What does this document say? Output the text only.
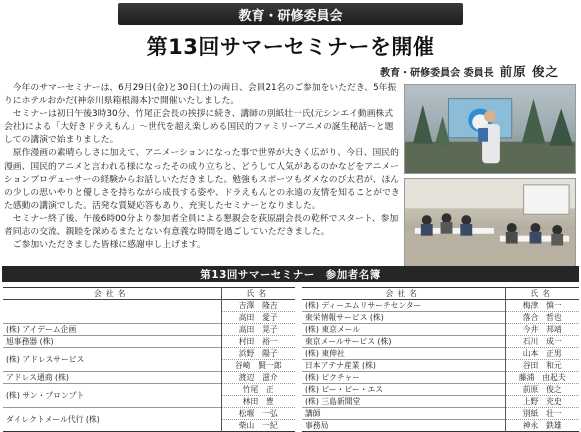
教育・研修委員会
第13回サマーセミナーを開催
教育・研修委員会 委員長 前原 俊之

今年のサマーセミナーは、6月29日(金)と30日(土)の両日、会員21名のご参加をいただき、5年振りにホテルおかだ(神奈川県箱根湯本)で開催いたしました。

セミナーは初日午後3時30分、竹尾正会長の挨拶に続き、講師の別紙壮一氏(元シンエイ動画株式会社)による「大好きドラえもん」～世代を超え楽しめる国民的ファミリーアニメの誕生秘話～と題しての講演で始まりました。

原作漫画の素晴らしさに加えて、アニメーションになった事で世界が大きく広がり、今日、国民的漫画、国民的アニメと言われる様になったその成り立ちと、どうして人気があるのかなどをアニメーションプロデューサーの経験からお話しいただきました。勉強もスポーツもダメなのび太君が、ほんの少しの思いやりと優しさを持ちながら成長する姿や、ドラえもんとの永遠の友情を知ることができた感動の講演でした。活発な質疑応答もあり、充実したセミナーとなりました。

セミナー終了後、午後6時00分より参加者全員による懇親会を荻原副会長の乾杯でスタート、参加者同志の交流、親睦を深めるまたとない有意義な時間を過ごしていただきました。

ご参加いただきました皆様に感謝申し上げます。

第13回サマーセミナー　参加者名簿
会社名	氏名
	吉澤　隆吉
	高田　愛子
(株) アイデーム企画	高田　晃子
旭事務器 (株)	村田　裕一
(株) アドレスサービス	浜野　陽子
	谷崎　賢一郎
アドレス通商 (株)	渡辺　滋介
(株) サン・プロンプト	竹尾　正
	林田　豊
ダイレクトメール代行 (株)	松堰　一弘
	柴山　一紀
会社名	氏名
(株) ディーエムリサーチセンター	梅津　慎一
東栄情報サービス (株)	落合　哲也
(株) 東京メール	今井　邦靖
東京メールサービス (株)	石川　成一
(株) 東伸社	山本　正男
日本アテナ産業 (株)	谷田　和元
(株) ピクチャー	藤浦　由起夫
(株) ピー・ピー・エス	前原　俊之
(株) 三島新聞堂	上野　充史
講師	別紙　壮一
事務局	神永　鉄雄
